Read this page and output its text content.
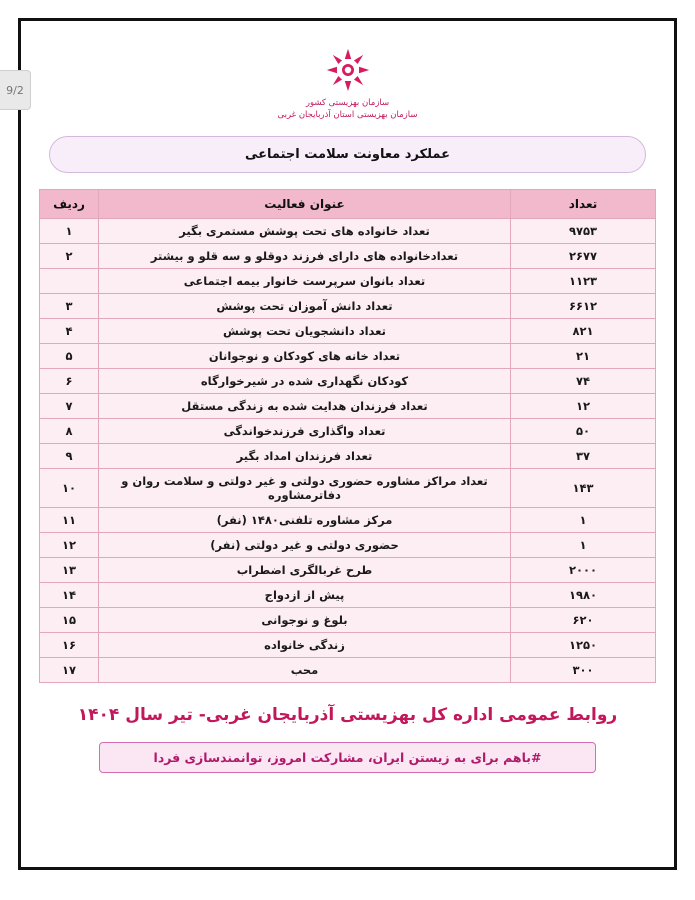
9/2
سازمان بهزیستی کشور
سازمان بهزیستی استان آذربایجان غربی
عملکرد معاونت سلامت اجتماعی
تعداد	عنوان فعالیت	ردیف
۹۷۵۳	تعداد خانواده های تحت پوشش مستمری بگیر	۱
۲۶۷۷	تعدادخانواده های دارای فرزند دوقلو و سه قلو و بیشتر	۲
۱۱۲۳	تعداد بانوان سرپرست خانوار بیمه اجتماعی	
۶۶۱۲	تعداد دانش آموزان تحت پوشش	۳
۸۲۱	تعداد دانشجویان تحت پوشش	۴
۲۱	تعداد خانه های کودکان و نوجوانان	۵
۷۴	کودکان نگهداری شده در شیرخوارگاه	۶
۱۲	تعداد فرزندان هدایت شده به زندگی مستقل	۷
۵۰	تعداد واگذاری فرزندخواندگی	۸
۳۷	تعداد فرزندان امداد بگیر	۹
۱۴۳	تعداد مراکز مشاوره حضوری دولتی و غیر دولتی و سلامت روان و دفاترمشاوره	۱۰
۱	مرکز مشاوره تلفنی۱۴۸۰ (نفر)	۱۱
۱	حضوری دولتی و غیر دولتی (نفر)	۱۲
۲۰۰۰	طرح غربالگری اضطراب	۱۳
۱۹۸۰	پیش از ازدواج	۱۴
۶۲۰	بلوغ و نوجوانی	۱۵
۱۲۵۰	زندگی خانواده	۱۶
۳۰۰	محب	۱۷
روابط عمومی اداره کل بهزیستی آذربایجان غربی- تیر سال ۱۴۰۴
#باهم برای به زیستن ایران، مشارکت امروز، توانمندسازی فردا
